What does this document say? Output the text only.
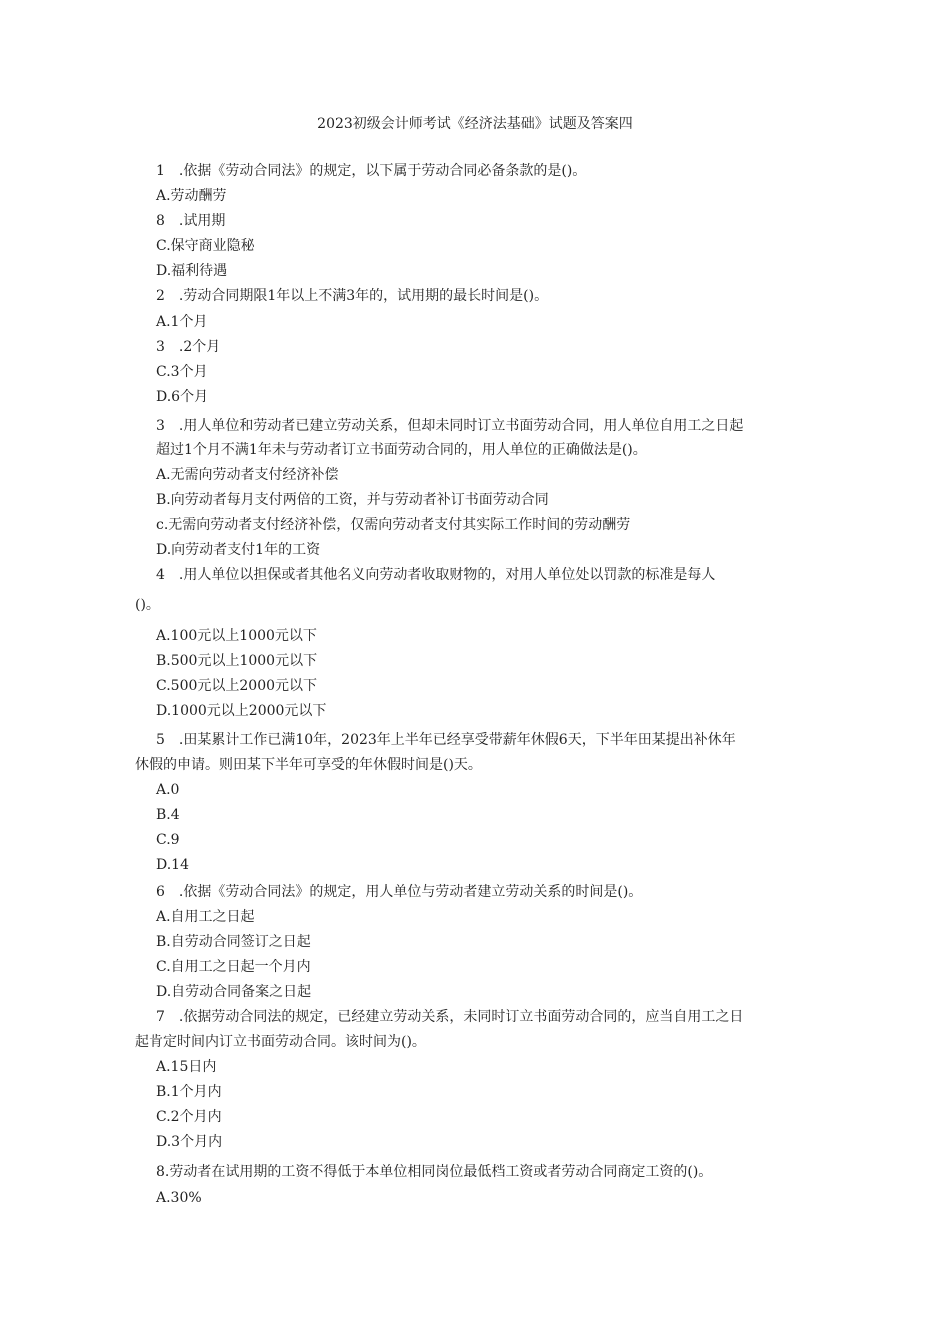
2023初级会计师考试《经济法基础》试题及答案四
1　.依据《劳动合同法》的规定，以下属于劳动合同必备条款的是()。
A.劳动酬劳
8　.试用期
C.保守商业隐秘
D.福利待遇
2　.劳动合同期限1年以上不满3年的，试用期的最长时间是()。
A.1个月
3　.2个月
C.3个月
D.6个月
3　.用人单位和劳动者已建立劳动关系，但却未同时订立书面劳动合同，用人单位自用工之日起
超过1个月不满1年未与劳动者订立书面劳动合同的，用人单位的正确做法是()。
A.无需向劳动者支付经济补偿
B.向劳动者每月支付两倍的工资，并与劳动者补订书面劳动合同
c.无需向劳动者支付经济补偿，仅需向劳动者支付其实际工作时间的劳动酬劳
D.向劳动者支付1年的工资
4　.用人单位以担保或者其他名义向劳动者收取财物的，对用人单位处以罚款的标准是每人
()。
A.100元以上1000元以下
B.500元以上1000元以下
C.500元以上2000元以下
D.1000元以上2000元以下
5　.田某累计工作已满10年，2023年上半年已经享受带薪年休假6天，下半年田某提出补休年
休假的申请。则田某下半年可享受的年休假时间是()天。
A.0
B.4
C.9
D.14
6　.依据《劳动合同法》的规定，用人单位与劳动者建立劳动关系的时间是()。
A.自用工之日起
B.自劳动合同签订之日起
C.自用工之日起一个月内
D.自劳动合同备案之日起
7　.依据劳动合同法的规定，已经建立劳动关系，未同时订立书面劳动合同的，应当自用工之日
起肯定时间内订立书面劳动合同。该时间为()。
A.15日内
B.1个月内
C.2个月内
D.3个月内
8.劳动者在试用期的工资不得低于本单位相同岗位最低档工资或者劳动合同商定工资的()。
A.30%
